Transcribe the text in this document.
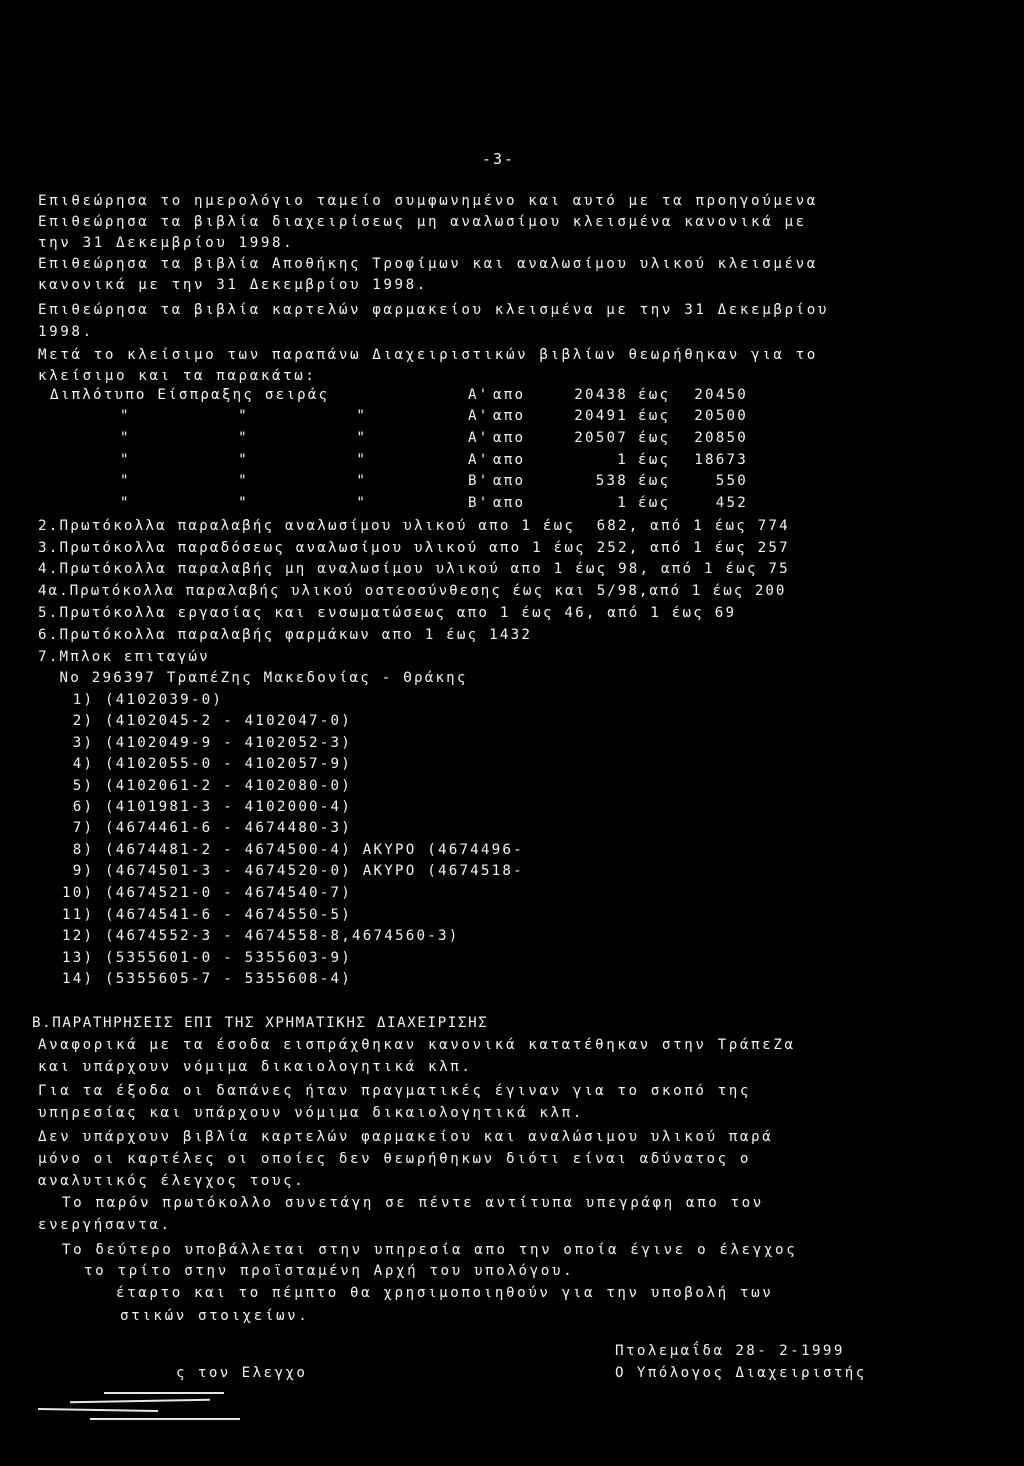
-3-
Επιθεώρησα το ημερολόγιο ταμείο συμφωνημένο και αυτό με τα προηγούμενα
Επιθεώρησα τα βιβλία διαχειρίσεως μη αναλωσίμου κλεισμένα κανονικά με
την 31 Δεκεμβρίου 1998.
Επιθεώρησα τα βιβλία Αποθήκης Τροφίμων και αναλωσίμου υλικού κλεισμένα
κανονικά με την 31 Δεκεμβρίου 1998.
Επιθεώρησα τα βιβλία καρτελών φαρμακείου κλεισμένα με την 31 Δεκεμβρίου
1998.
Μετά το κλείσιμο των παραπάνω Διαχειριστικών βιβλίων θεωρήθηκαν για το
κλείσιμο και τα παρακάτω:
Διπλότυπο Είσπραξης σειράς	Α' απο	20438 έως	20450
"          "          "	Α' απο	20491 έως	20500
"          "          "	Α' απο	20507 έως	20850
"          "          "	Α' απο	1 έως	18673
"          "          "	Β' απο	538 έως	550
"          "          "	Β' απο	1 έως	452
2.Πρωτόκολλα παραλαβής αναλωσίμου υλικού απο 1 έως  682, από 1 έως 774
3.Πρωτόκολλα παραδόσεως αναλωσίμου υλικού απο 1 έως 252, από 1 έως 257
4.Πρωτόκολλα παραλαβής μη αναλωσίμου υλικού απο 1 έως 98, από 1 έως 75
4α.Πρωτόκολλα παραλαβής υλικού οστεοσύνθεσης έως και 5/98,από 1 έως 200
5.Πρωτόκολλα εργασίας και ενσωματώσεως απο 1 έως 46, από 1 έως 69
6.Πρωτόκολλα παραλαβής φαρμάκων απο 1 έως 1432
7.Μπλοκ επιταγών
Νο 296397 ΤραπέΖης Μακεδονίας - Θράκης
1) (4102039-0)
2) (4102045-2 - 4102047-0)
3) (4102049-9 - 4102052-3)
4) (4102055-0 - 4102057-9)
5) (4102061-2 - 4102080-0)
6) (4101981-3 - 4102000-4)
7) (4674461-6 - 4674480-3)
8) (4674481-2 - 4674500-4) ΑΚΥΡΟ (4674496-
9) (4674501-3 - 4674520-0) ΑΚΥΡΟ (4674518-
10) (4674521-0 - 4674540-7)
11) (4674541-6 - 4674550-5)
12) (4674552-3 - 4674558-8,4674560-3)
13) (5355601-0 - 5355603-9)
14) (5355605-7 - 5355608-4)
Β.ΠΑΡΑΤΗΡΗΣΕΙΣ ΕΠΙ ΤΗΣ ΧΡΗΜΑΤΙΚΗΣ ΔΙΑΧΕΙΡΙΣΗΣ
Αναφορικά με τα έσοδα εισπράχθηκαν κανονικά κατατέθηκαν στην ΤράπεΖα
και υπάρχουν νόμιμα δικαιολογητικά κλπ.
Για τα έξοδα οι δαπάνες ήταν πραγματικές έγιναν για το σκοπό της
υπηρεσίας και υπάρχουν νόμιμα δικαιολογητικά κλπ.
Δεν υπάρχουν βιβλία καρτελών φαρμακείου και αναλώσιμου υλικού παρά
μόνο οι καρτέλες οι οποίες δεν θεωρήθηκων διότι είναι αδύνατος ο
αναλυτικός έλεγχος τους.
Το παρόν πρωτόκολλο συνετάγη σε πέντε αντίτυπα υπεγράφη απο τον
ενεργήσαντα.
Το δεύτερο υποβάλλεται στην υπηρεσία απο την οποία έγινε ο έλεγχος
το τρίτο στην προϊσταμένη Αρχή του υπολόγου.
έταρτο και το πέμπτο θα χρησιμοποιηθούν για την υποβολή των
στικών στοιχείων.
Πτολεμαΐδα 28- 2-1999
Ο Υπόλογος Διαχειριστής
ς τον Ελεγχο
